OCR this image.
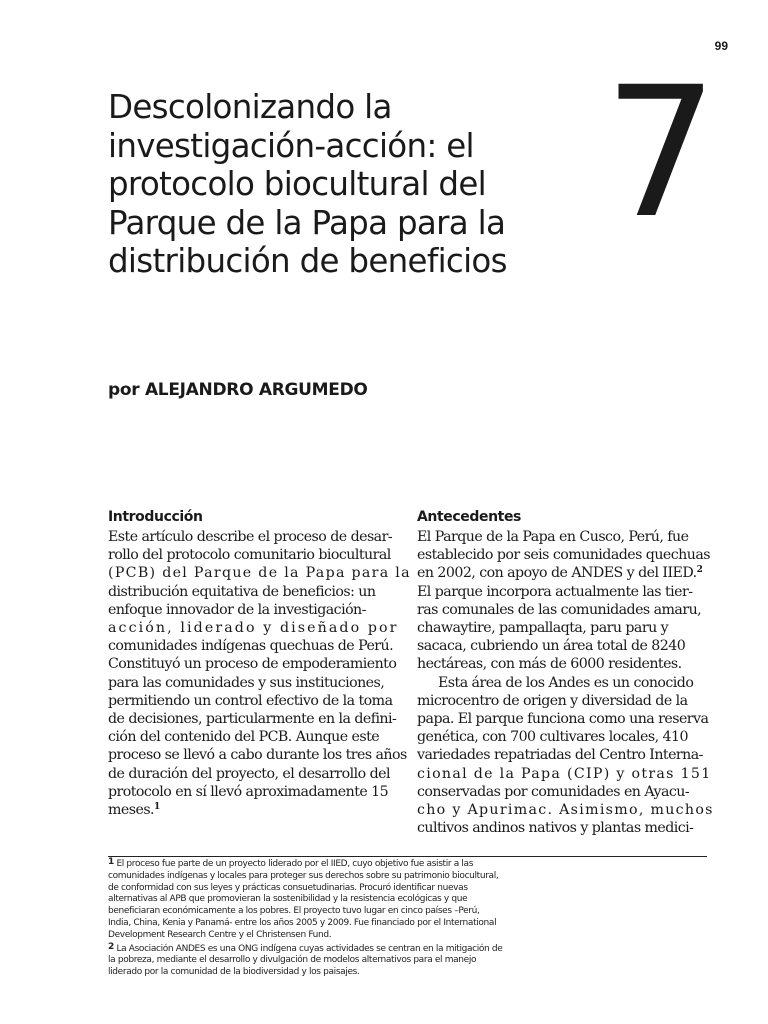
99
Descolonizando la
investigación-acción: el
protocolo biocultural del
Parque de la Papa para la
distribución de beneficios
7
por ALEJANDRO ARGUMEDO
Introducción
Este artículo describe el proceso de desar-
rollo del protocolo comunitario biocultural
(PCB) del Parque de la Papa para la
distribución equitativa de beneficios: un
enfoque innovador de la investigación-
acción, liderado y diseñado por
comunidades indígenas quechuas de Perú.
Constituyó un proceso de empoderamiento
para las comunidades y sus instituciones,
permitiendo un control efectivo de la toma
de decisiones, particularmente en la defini-
ción del contenido del PCB. Aunque este
proceso se llevó a cabo durante los tres años
de duración del proyecto, el desarrollo del
protocolo en sí llevó aproximadamente 15
meses.$^1$
Antecedentes
El Parque de la Papa en Cusco, Perú, fue
establecido por seis comunidades quechuas
en 2002, con apoyo de ANDES y del IIED.$^2$
El parque incorpora actualmente las tier-
ras comunales de las comunidades amaru,
chawaytire, pampallaqta, paru paru y
sacaca, cubriendo un área total de 8240
hectáreas, con más de 6000 residentes.
Esta área de los Andes es un conocido
microcentro de origen y diversidad de la
papa. El parque funciona como una reserva
genética, con 700 cultivares locales, 410
variedades repatriadas del Centro Interna-
cional de la Papa (CIP) y otras 151
conservadas por comunidades en Ayacu-
cho y Apurimac. Asimismo, muchos
cultivos andinos nativos y plantas medici-
1 El proceso fue parte de un proyecto liderado por el IIED, cuyo objetivo fue asistir a las
comunidades indígenas y locales para proteger sus derechos sobre su patrimonio biocultural,
de conformidad con sus leyes y prácticas consuetudinarias. Procuró identificar nuevas
alternativas al APB que promovieran la sostenibilidad y la resistencia ecológicas y que
beneficiaran económicamente a los pobres. El proyecto tuvo lugar en cinco países –Perú,
India, China, Kenia y Panamá- entre los años 2005 y 2009. Fue financiado por el International
Development Research Centre y el Christensen Fund.
2 La Asociación ANDES es una ONG indígena cuyas actividades se centran en la mitigación de
la pobreza, mediante el desarrollo y divulgación de modelos alternativos para el manejo
liderado por la comunidad de la biodiversidad y los paisajes.
